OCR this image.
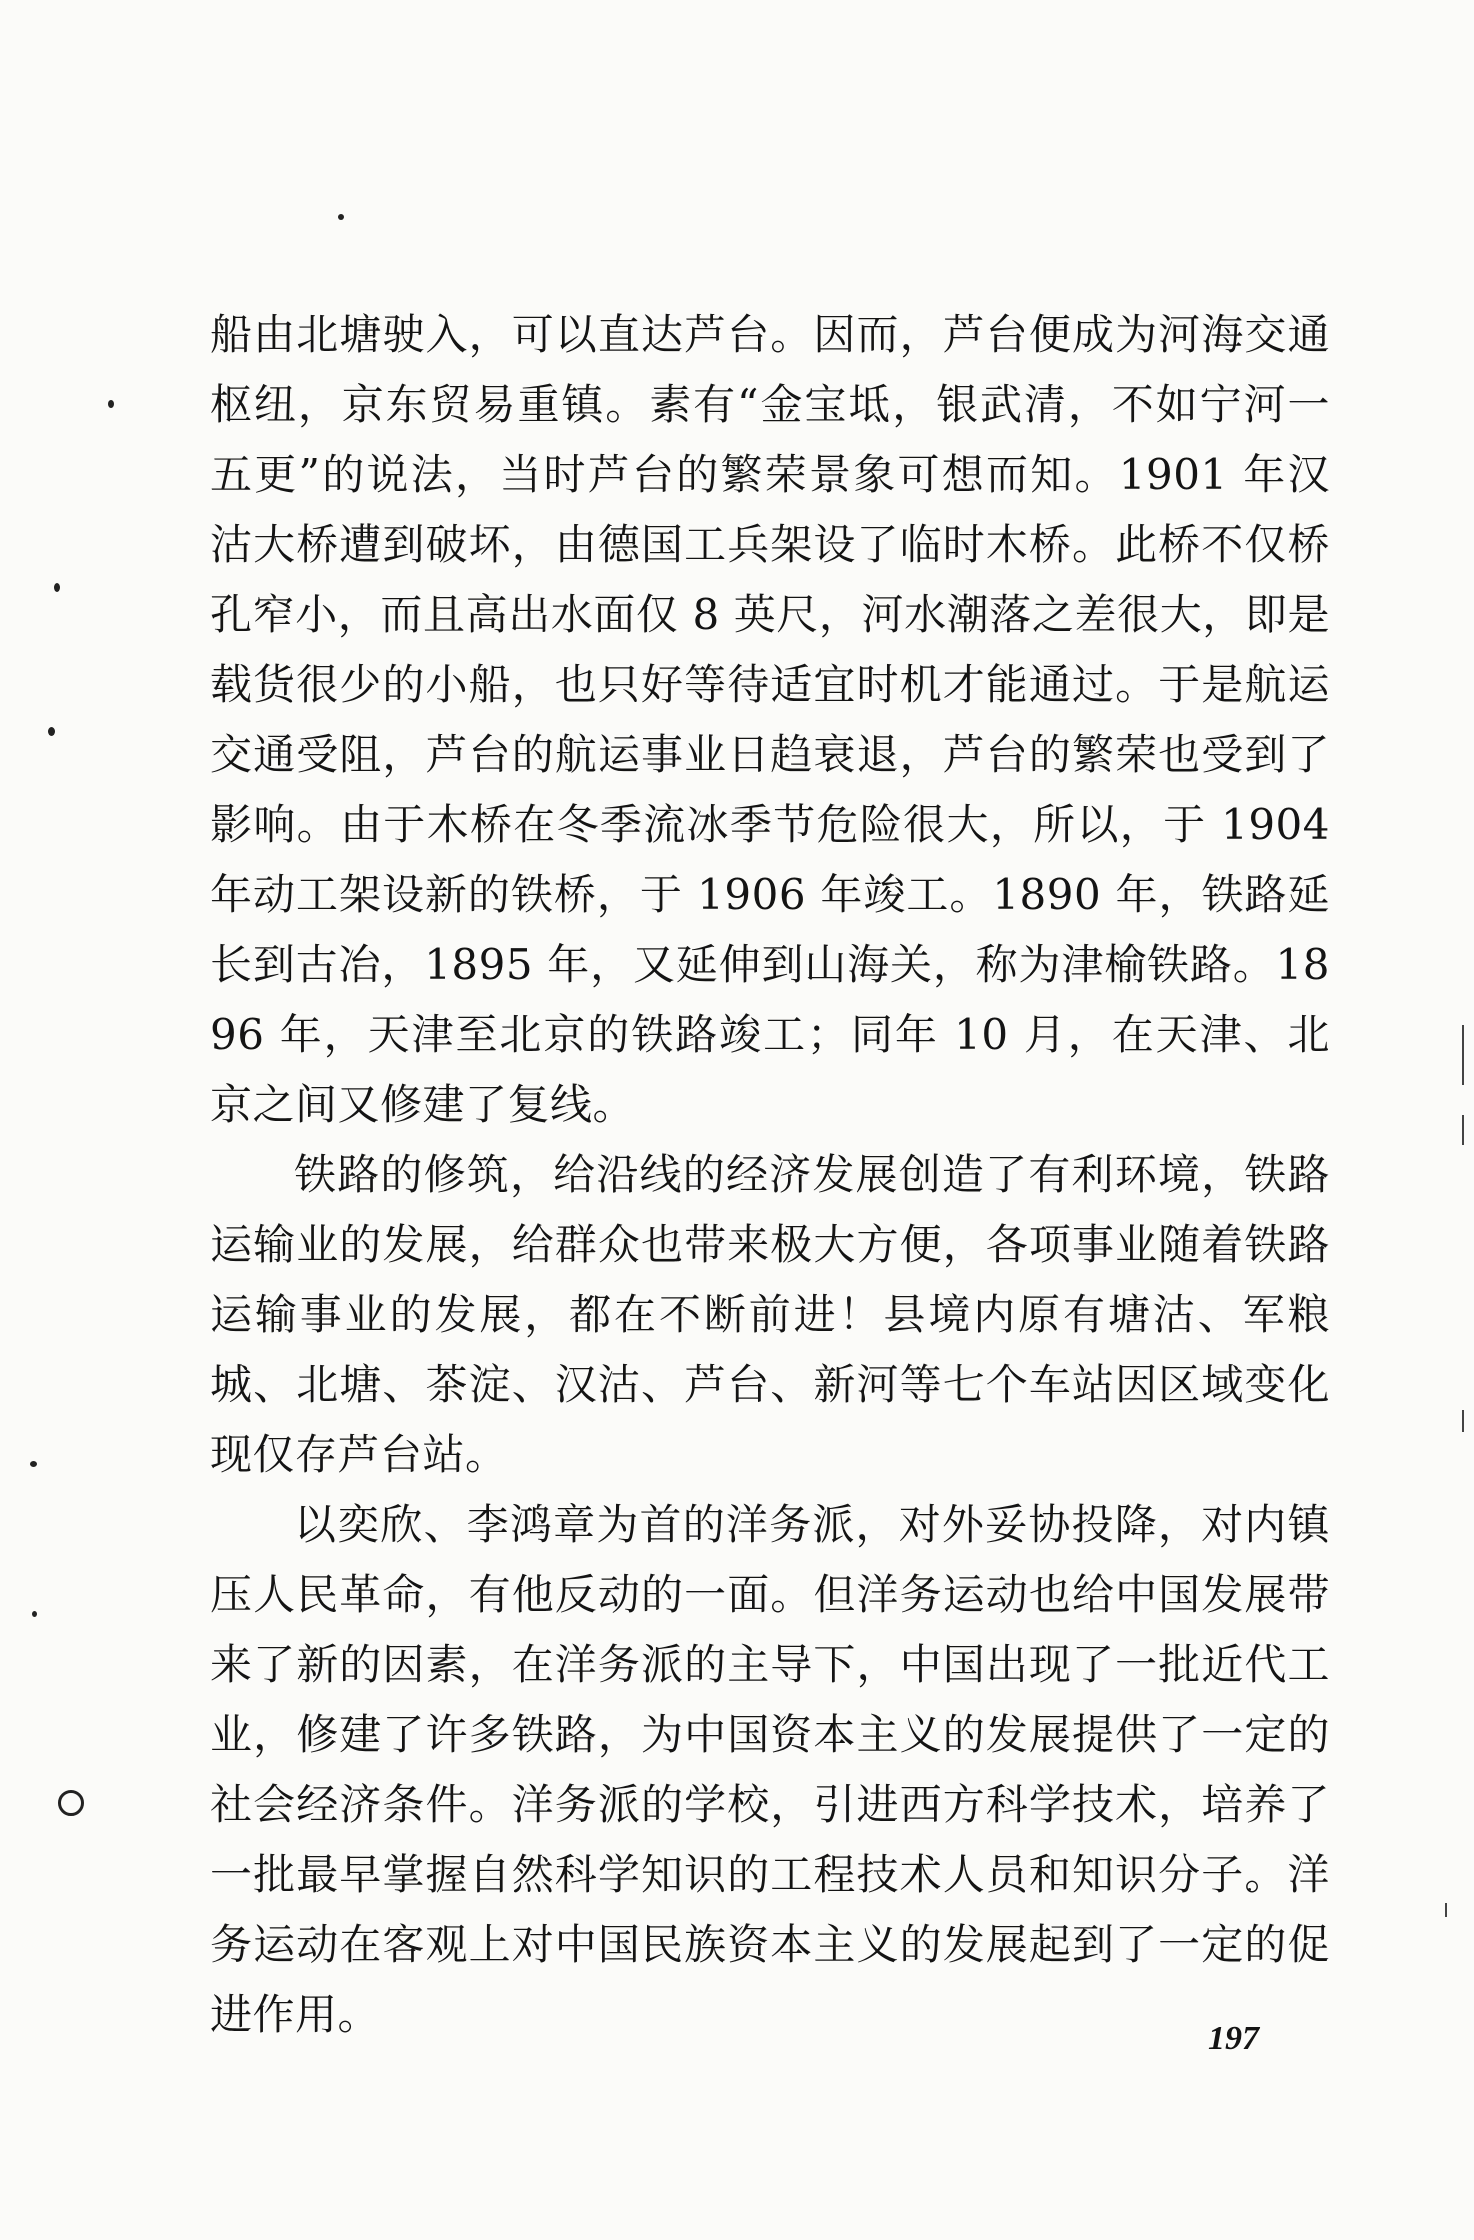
船由北塘驶入，可以直达芦台。因而，芦台便成为河海交通枢纽，京东贸易重镇。素有“金宝坻，银武清，不如宁河一五更”的说法，当时芦台的繁荣景象可想而知。1901 年汉沽大桥遭到破坏，由德国工兵架设了临时木桥。此桥不仅桥孔窄小，而且高出水面仅 8 英尺，河水潮落之差很大，即是载货很少的小船，也只好等待适宜时机才能通过。于是航运交通受阻，芦台的航运事业日趋衰退，芦台的繁荣也受到了影响。由于木桥在冬季流冰季节危险很大，所以，于 1904 年动工架设新的铁桥，于 1906 年竣工。1890 年，铁路延长到古冶，1895 年，又延伸到山海关，称为津榆铁路。1896 年，天津至北京的铁路竣工；同年 10 月，在天津、北京之间又修建了复线。

铁路的修筑，给沿线的经济发展创造了有利环境，铁路运输业的发展，给群众也带来极大方便，各项事业随着铁路运输事业的发展，都在不断前进！县境内原有塘沽、军粮城、北塘、茶淀、汉沽、芦台、新河等七个车站因区域变化现仅存芦台站。

以奕欣、李鸿章为首的洋务派，对外妥协投降，对内镇压人民革命，有他反动的一面。但洋务运动也给中国发展带来了新的因素，在洋务派的主导下，中国出现了一批近代工业，修建了许多铁路，为中国资本主义的发展提供了一定的社会经济条件。洋务派的学校，引进西方科学技术，培养了一批最早掌握自然科学知识的工程技术人员和知识分子。洋务运动在客观上对中国民族资本主义的发展起到了一定的促进作用。	197
